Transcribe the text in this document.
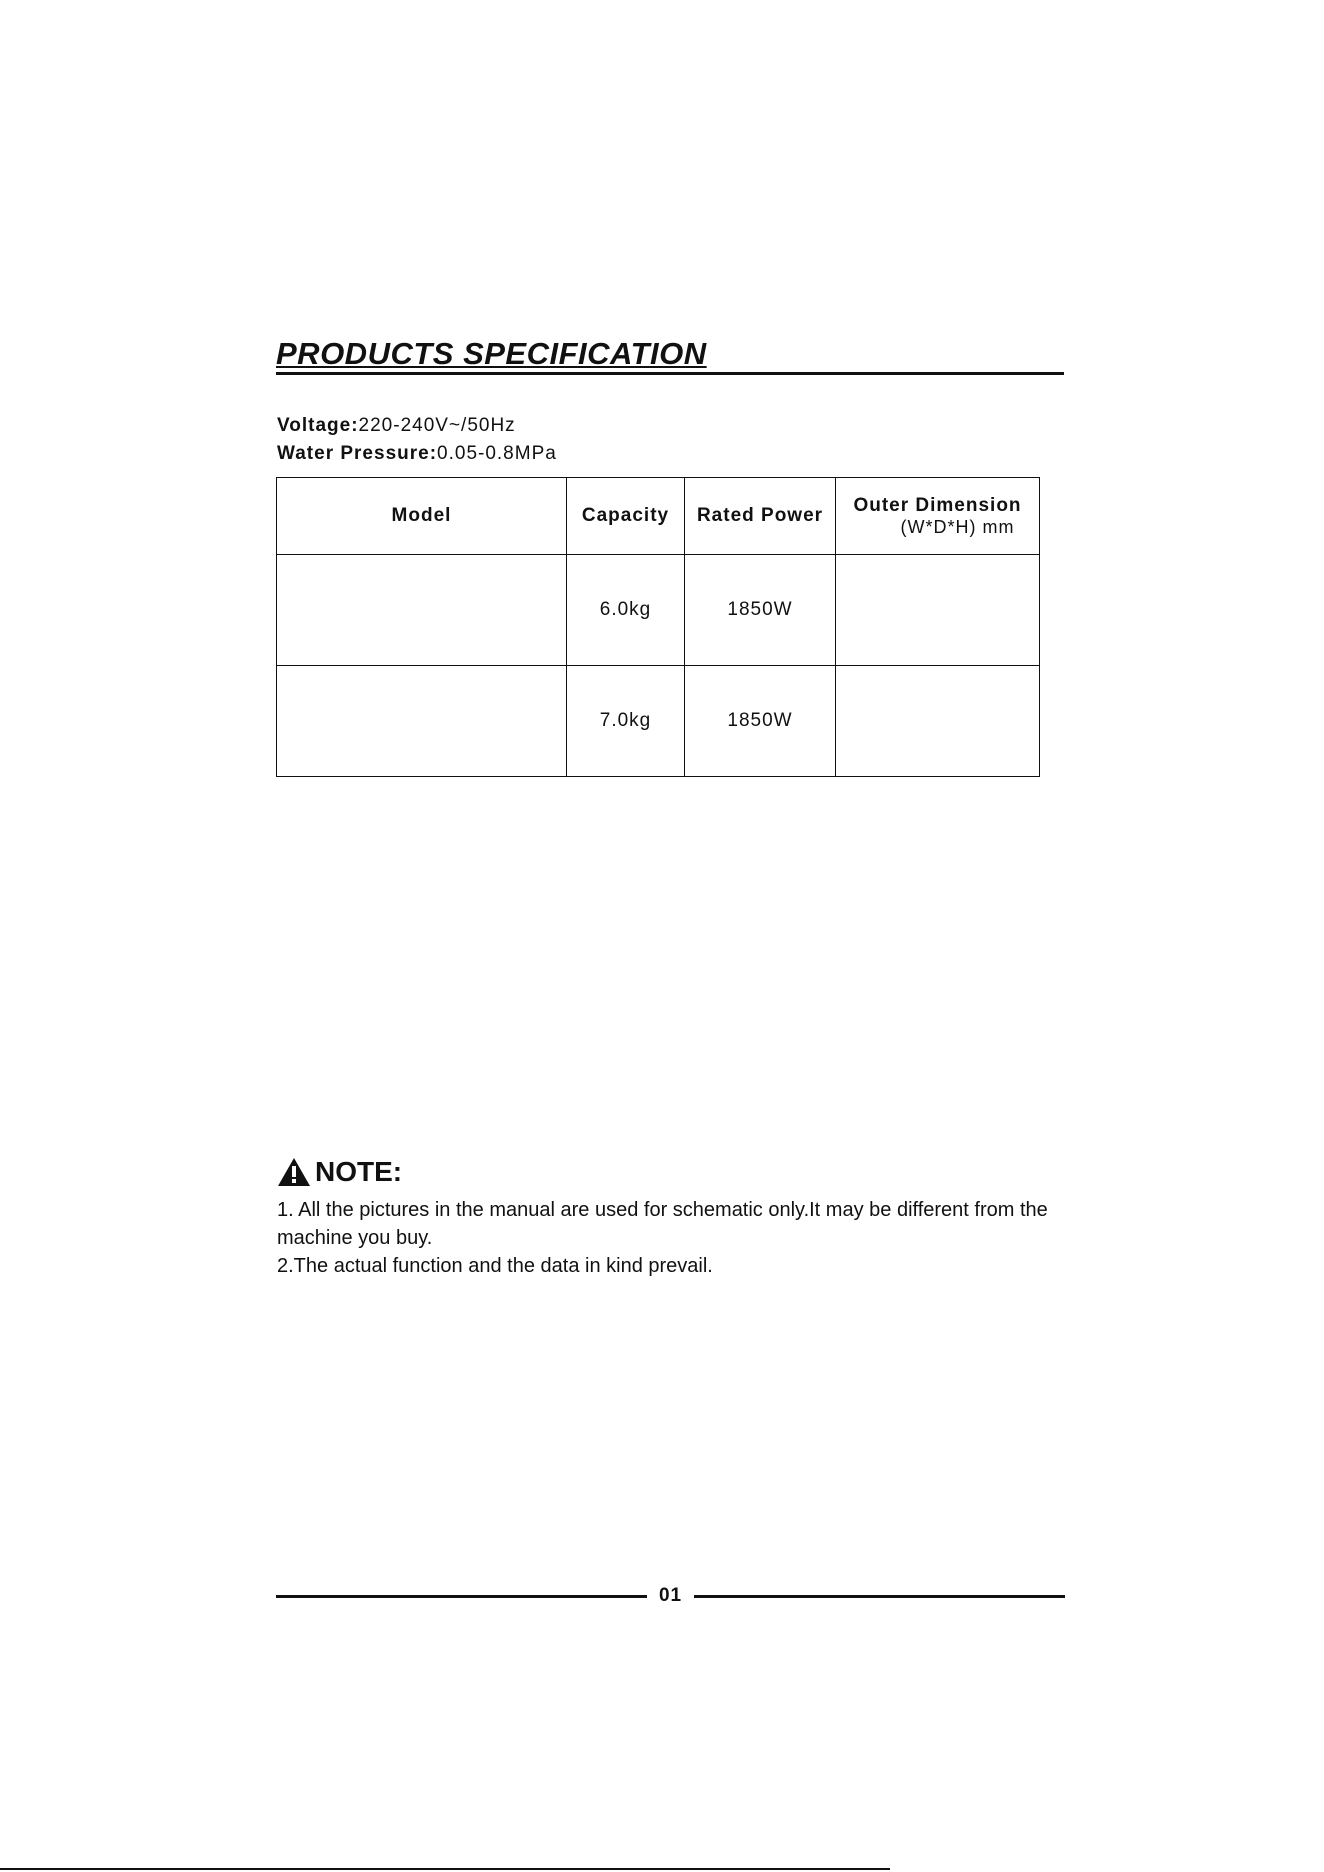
PRODUCTS SPECIFICATION
Voltage:220-240V~/50Hz
Water Pressure:0.05-0.8MPa
Model	Capacity	Rated Power	Outer Dimension
(W*D*H) mm

	6.0kg	1850W	
	7.0kg	1850W	
NOTE:

1. All the pictures in the manual are used for schematic only.It may be different from the machine you buy.

2.The actual function and the data in kind prevail.

01
